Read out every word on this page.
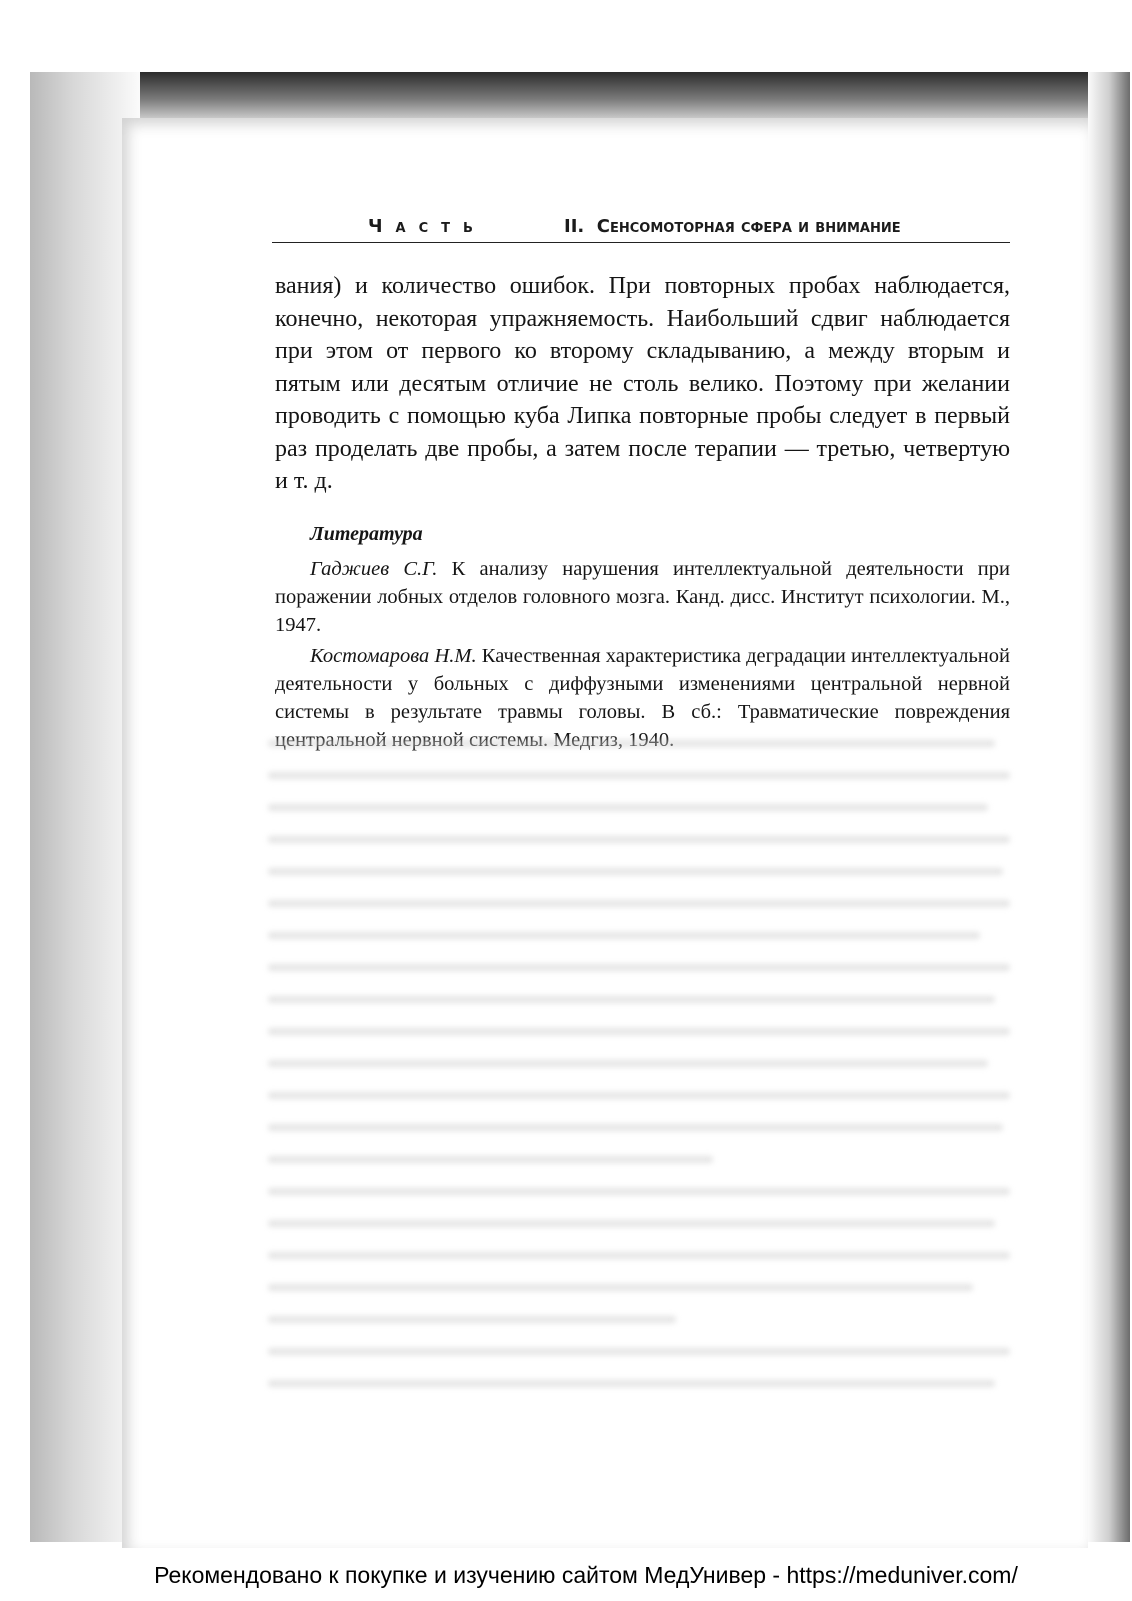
Часть	II. Сенсомоторная сфера и внимание

вания) и количество ошибок. При повторных пробах наблюдается, конечно, некоторая упражняемость. Наибольший сдвиг наблюдается при этом от первого ко второму складыванию, а между вторым и пятым или десятым отличие не столь велико. Поэтому при желании проводить с помощью куба Липка повторные пробы следует в первый раз проделать две пробы, а затем после терапии — третью, четвертую и т. д.

Литература

Гаджиев С.Г. К анализу нарушения интеллектуальной деятельности при поражении лобных отделов головного мозга. Канд. дисс. Институт психологии. М., 1947.

Костомарова Н.М. Качественная характеристика деградации интеллектуальной деятельности у больных с диффузными изменениями центральной нервной системы в результате травмы головы. В сб.: Травматические повреждения

Рекомендовано к покупке и изучению сайтом МедУнивер - https://meduniver.com/
